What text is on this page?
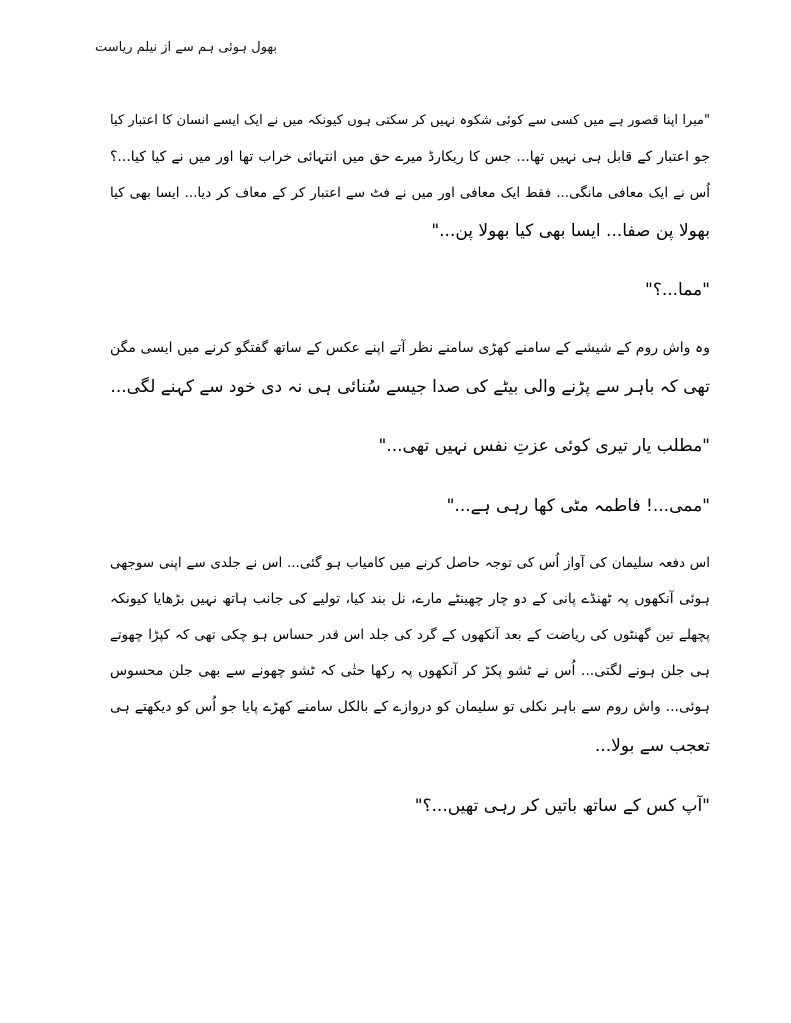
بھول ہوئی ہم سے از نیلم ریاست
"میرا اپنا قصور ہے میں کسی سے کوئی شکوہ نہیں کر سکتی ہوں کیونکہ میں نے ایک ایسے انسان کا اعتبار کیا
جو اعتبار کے قابل ہی نہیں تھا... جس کا ریکارڈ میرے حق میں انتہائی خراب تھا اور میں نے کیا کیا...؟
اُس نے ایک معافی مانگی... فقط ایک معافی اور میں نے فٹ سے اعتبار کر کے معاف کر دیا... ایسا بھی کیا
بھولا پن صفا... ایسا بھی کیا بھولا پن..."
"مما...؟"
وہ واش روم کے شیشے کے سامنے کھڑی سامنے نظر آتے اپنے عکس کے ساتھ گفتگو کرنے میں ایسی مگن
تھی کہ باہر سے پڑنے والی بیٹے کی صدا جیسے سُنائی ہی نہ دی خود سے کہنے لگی...
"مطلب یار تیری کوئی عزتِ نفس نہیں تھی..."
"ممی...! فاطمہ مٹی کھا رہی ہے..."
اس دفعہ سلیمان کی آواز اُس کی توجہ حاصل کرنے میں کامیاب ہو گئی... اس نے جلدی سے اپنی سوجھی
ہوئی آنکھوں پہ ٹھنڈے پانی کے دو چار چھینٹے مارے، نل بند کیا، تولیے کی جانب ہاتھ نہیں بڑھایا کیونکہ
پچھلے تین گھنٹوں کی ریاضت کے بعد آنکھوں کے گرد کی جلد اس قدر حساس ہو چکی تھی کہ کپڑا چھوتے
ہی جلن ہونے لگتی... اُس نے ٹشو پکڑ کر آنکھوں پہ رکھا حتٰی کہ ٹشو چھونے سے بھی جلن محسوس
ہوئی... واش روم سے باہر نکلی تو سلیمان کو دروازے کے بالکل سامنے کھڑے پایا جو اُس کو دیکھتے ہی
تعجب سے بولا...
"آپ کس کے ساتھ باتیں کر رہی تھیں...؟"
